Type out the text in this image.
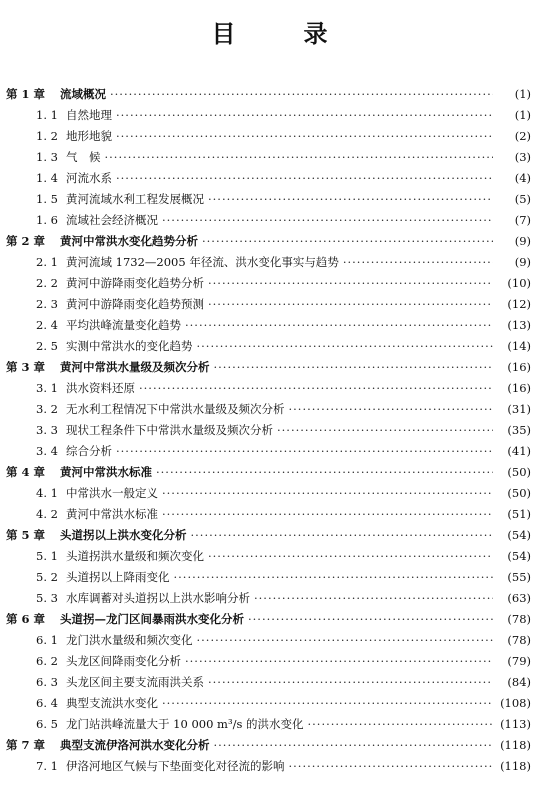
目　录
第 1 章	流域概况 ·····	(1)
1. 1 自然地理 ·····	(1)
1. 2 地形地貌 ·····	(2)
1. 3 气　候 ·····	(3)
1. 4 河流水系 ·····	(4)
1. 5 黄河流域水利工程发展概况 ·····	(5)
1. 6 流域社会经济概况 ·····	(7)
第 2 章	黄河中常洪水变化趋势分析 ·····	(9)
2. 1 黄河流域 1732—2005 年径流、洪水变化事实与趋势 ·····	(9)
2. 2 黄河中游降雨变化趋势分析 ·····	(10)
2. 3 黄河中游降雨变化趋势预测 ·····	(12)
2. 4 平均洪峰流量变化趋势 ·····	(13)
2. 5 实测中常洪水的变化趋势 ·····	(14)
第 3 章	黄河中常洪水量级及频次分析 ·····	(16)
3. 1 洪水资料还原 ·····	(16)
3. 2 无水利工程情况下中常洪水量级及频次分析 ·····	(31)
3. 3 现状工程条件下中常洪水量级及频次分析 ·····	(35)
3. 4 综合分析 ·····	(41)
第 4 章	黄河中常洪水标准 ·····	(50)
4. 1 中常洪水一般定义 ·····	(50)
4. 2 黄河中常洪水标准 ·····	(51)
第 5 章	头道拐以上洪水变化分析 ·····	(54)
5. 1 头道拐洪水量级和频次变化 ·····	(54)
5. 2 头道拐以上降雨变化 ·····	(55)
5. 3 水库调蓄对头道拐以上洪水影响分析 ·····	(63)
第 6 章	头道拐—龙门区间暴雨洪水变化分析 ·····	(78)
6. 1 龙门洪水量级和频次变化 ·····	(78)
6. 2 头龙区间降雨变化分析 ·····	(79)
6. 3 头龙区间主要支流雨洪关系 ·····	(84)
6. 4 典型支流洪水变化 ·····	(108)
6. 5 龙门站洪峰流量大于 10 000 m³/s 的洪水变化 ·····	(113)
第 7 章	典型支流伊洛河洪水变化分析 ·····	(118)
7. 1 伊洛河地区气候与下垫面变化对径流的影响 ·····	(118)
